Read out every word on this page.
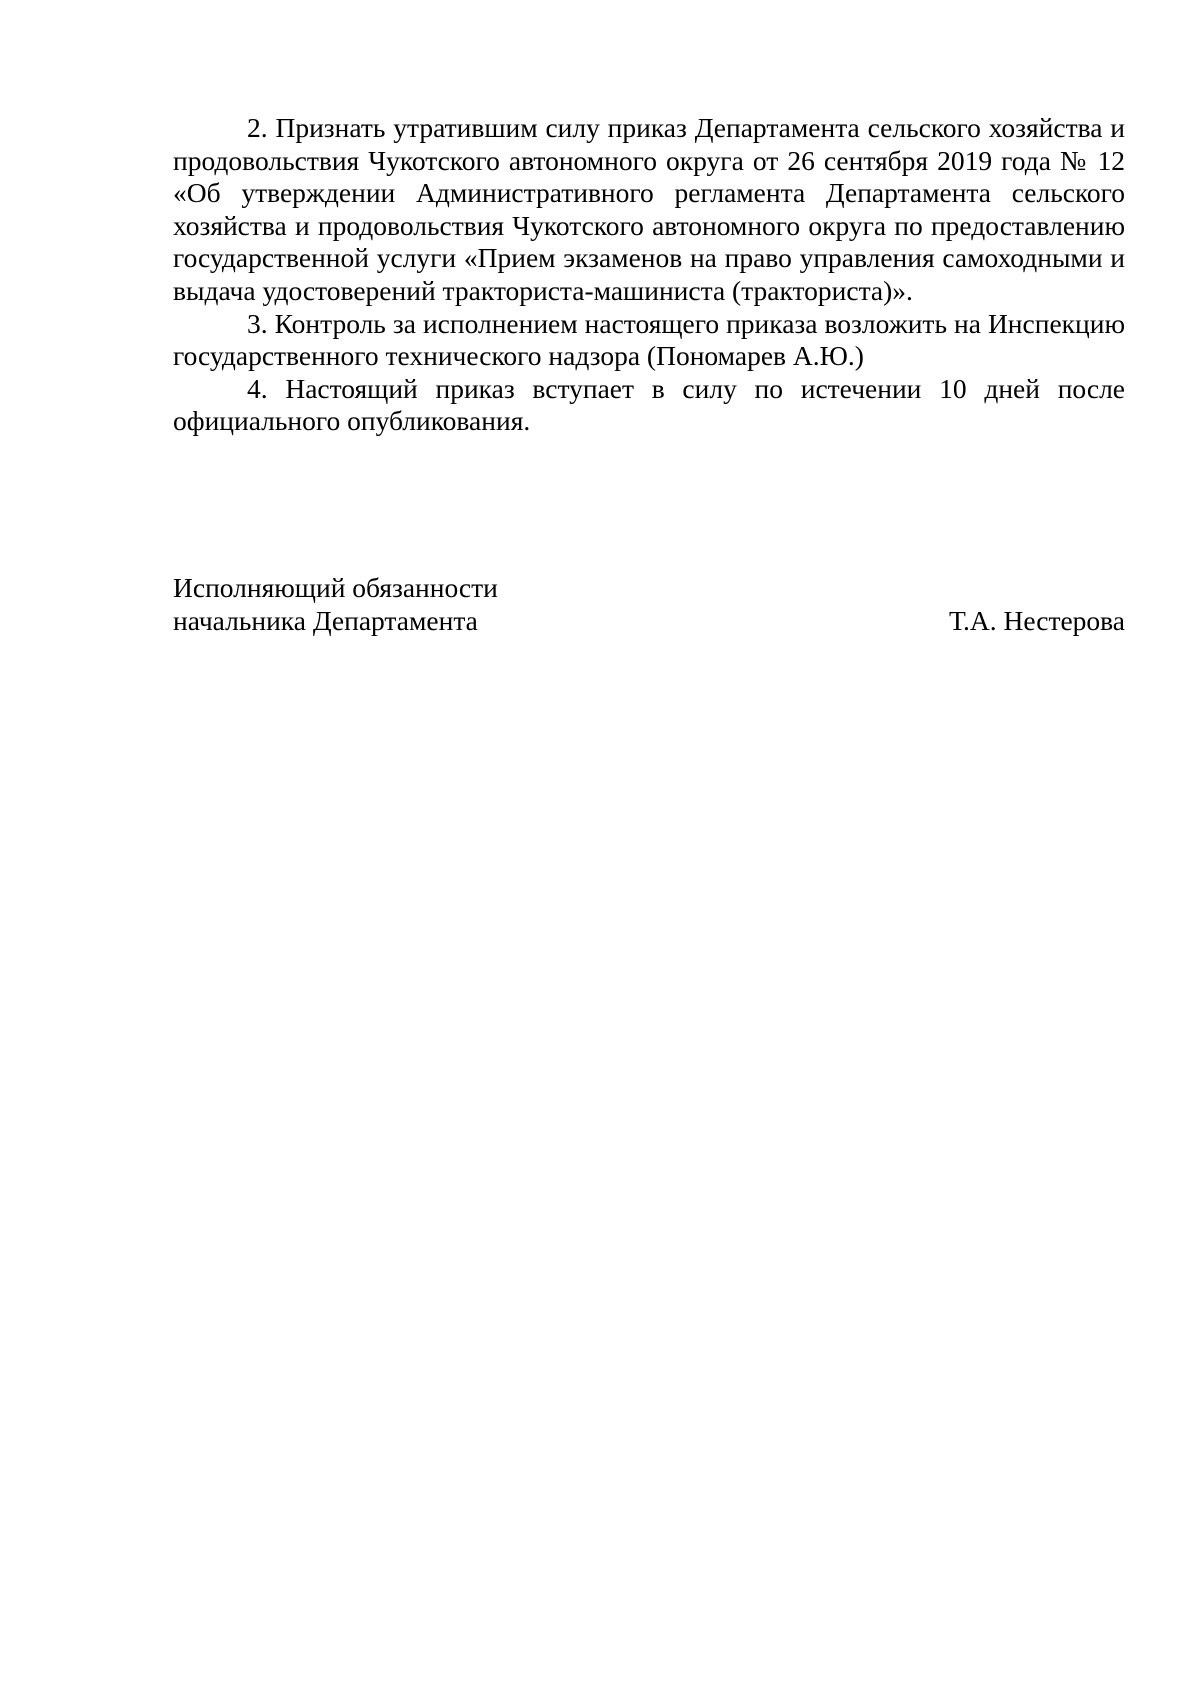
2. Признать утратившим силу приказ Департамента сельского хозяйства и продовольствия Чукотского автономного округа от 26 сентября 2019 года № 12 «Об утверждении Административного регламента Департамента сельского хозяйства и продовольствия Чукотского автономного округа по предоставлению государственной услуги «Прием экзаменов на право управления самоходными и выдача удостоверений тракториста-машиниста (тракториста)».

3. Контроль за исполнением настоящего приказа возложить на Инспекцию государственного технического надзора (Пономарев А.Ю.)

4. Настоящий приказ вступает в силу по истечении 10 дней после официального опубликования.

Исполняющий обязанности
начальника Департамента	Т.А. Нестерова
